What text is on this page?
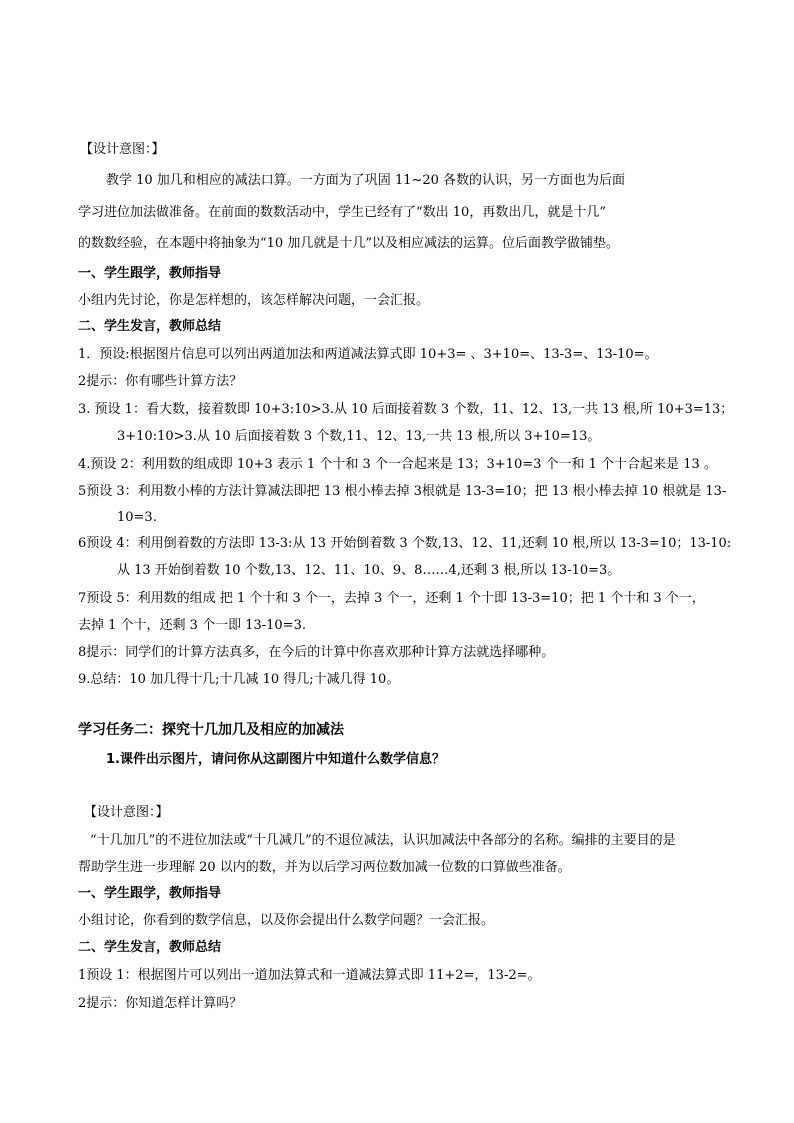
【设计意图：】
教学 10 加几和相应的减法口算。一方面为了巩固 11~20 各数的认识，另一方面也为后面
学习进位加法做准备。在前面的数数活动中，学生已经有了“数出 10，再数出几，就是十几”
的数数经验，在本题中将抽象为“10 加几就是十几”以及相应减法的运算。位后面教学做铺垫。
一、学生跟学，教师指导
小组内先讨论，你是怎样想的，该怎样解决问题，一会汇报。
二、学生发言，教师总结
1．预设:根据图片信息可以列出两道加法和两道减法算式即 10+3= 、3+10=、13-3=、13-10=。
2提示：你有哪些计算方法？
3. 预设 1：看大数，接着数即 10+3:10>3.从 10 后面接着数 3 个数，11、12、13,一共 13 根,所 10+3=13；
3+10:10>3.从 10 后面接着数 3 个数,11、12、13,一共 13 根,所以 3+10=13。
4.预设 2：利用数的组成即 10+3 表示 1 个十和 3 个一合起来是 13；3+10=3 个一和 1 个十合起来是 13 。
5预设 3：利用数小棒的方法计算减法即把 13 根小棒去掉 3根就是 13-3=10；把 13 根小棒去掉 10 根就是 13-
10=3.
6预设 4：利用倒着数的方法即 13-3:从 13 开始倒着数 3 个数,13、12、11,还剩 10 根,所以 13-3=10；13-10:
从 13 开始倒着数 10 个数,13、12、11、10、9、8……4,还剩 3 根,所以 13-10=3。
7预设 5：利用数的组成 把 1 个十和 3 个一，去掉 3 个一，还剩 1 个十即 13-3=10；把 1 个十和 3 个一，
去掉 1 个十，还剩 3 个一即 13-10=3.
8提示：同学们的计算方法真多，在今后的计算中你喜欢那种计算方法就选择哪种。
9.总结：10 加几得十几;十几减 10 得几;十减几得 10。
学习任务二：探究十几加几及相应的加减法
1.课件出示图片，请问你从这副图片中知道什么数学信息？
【设计意图：】
“十几加几”的不进位加法或“十几减几”的不退位减法，认识加减法中各部分的名称。编排的主要目的是
帮助学生进一步理解 20 以内的数，并为以后学习两位数加减一位数的口算做些准备。
一、学生跟学，教师指导
小组讨论，你看到的数学信息，以及你会提出什么数学问题？一会汇报。
二、学生发言，教师总结
1预设 1：根据图片可以列出一道加法算式和一道减法算式即 11+2=，13-2=。
2提示：你知道怎样计算吗？
